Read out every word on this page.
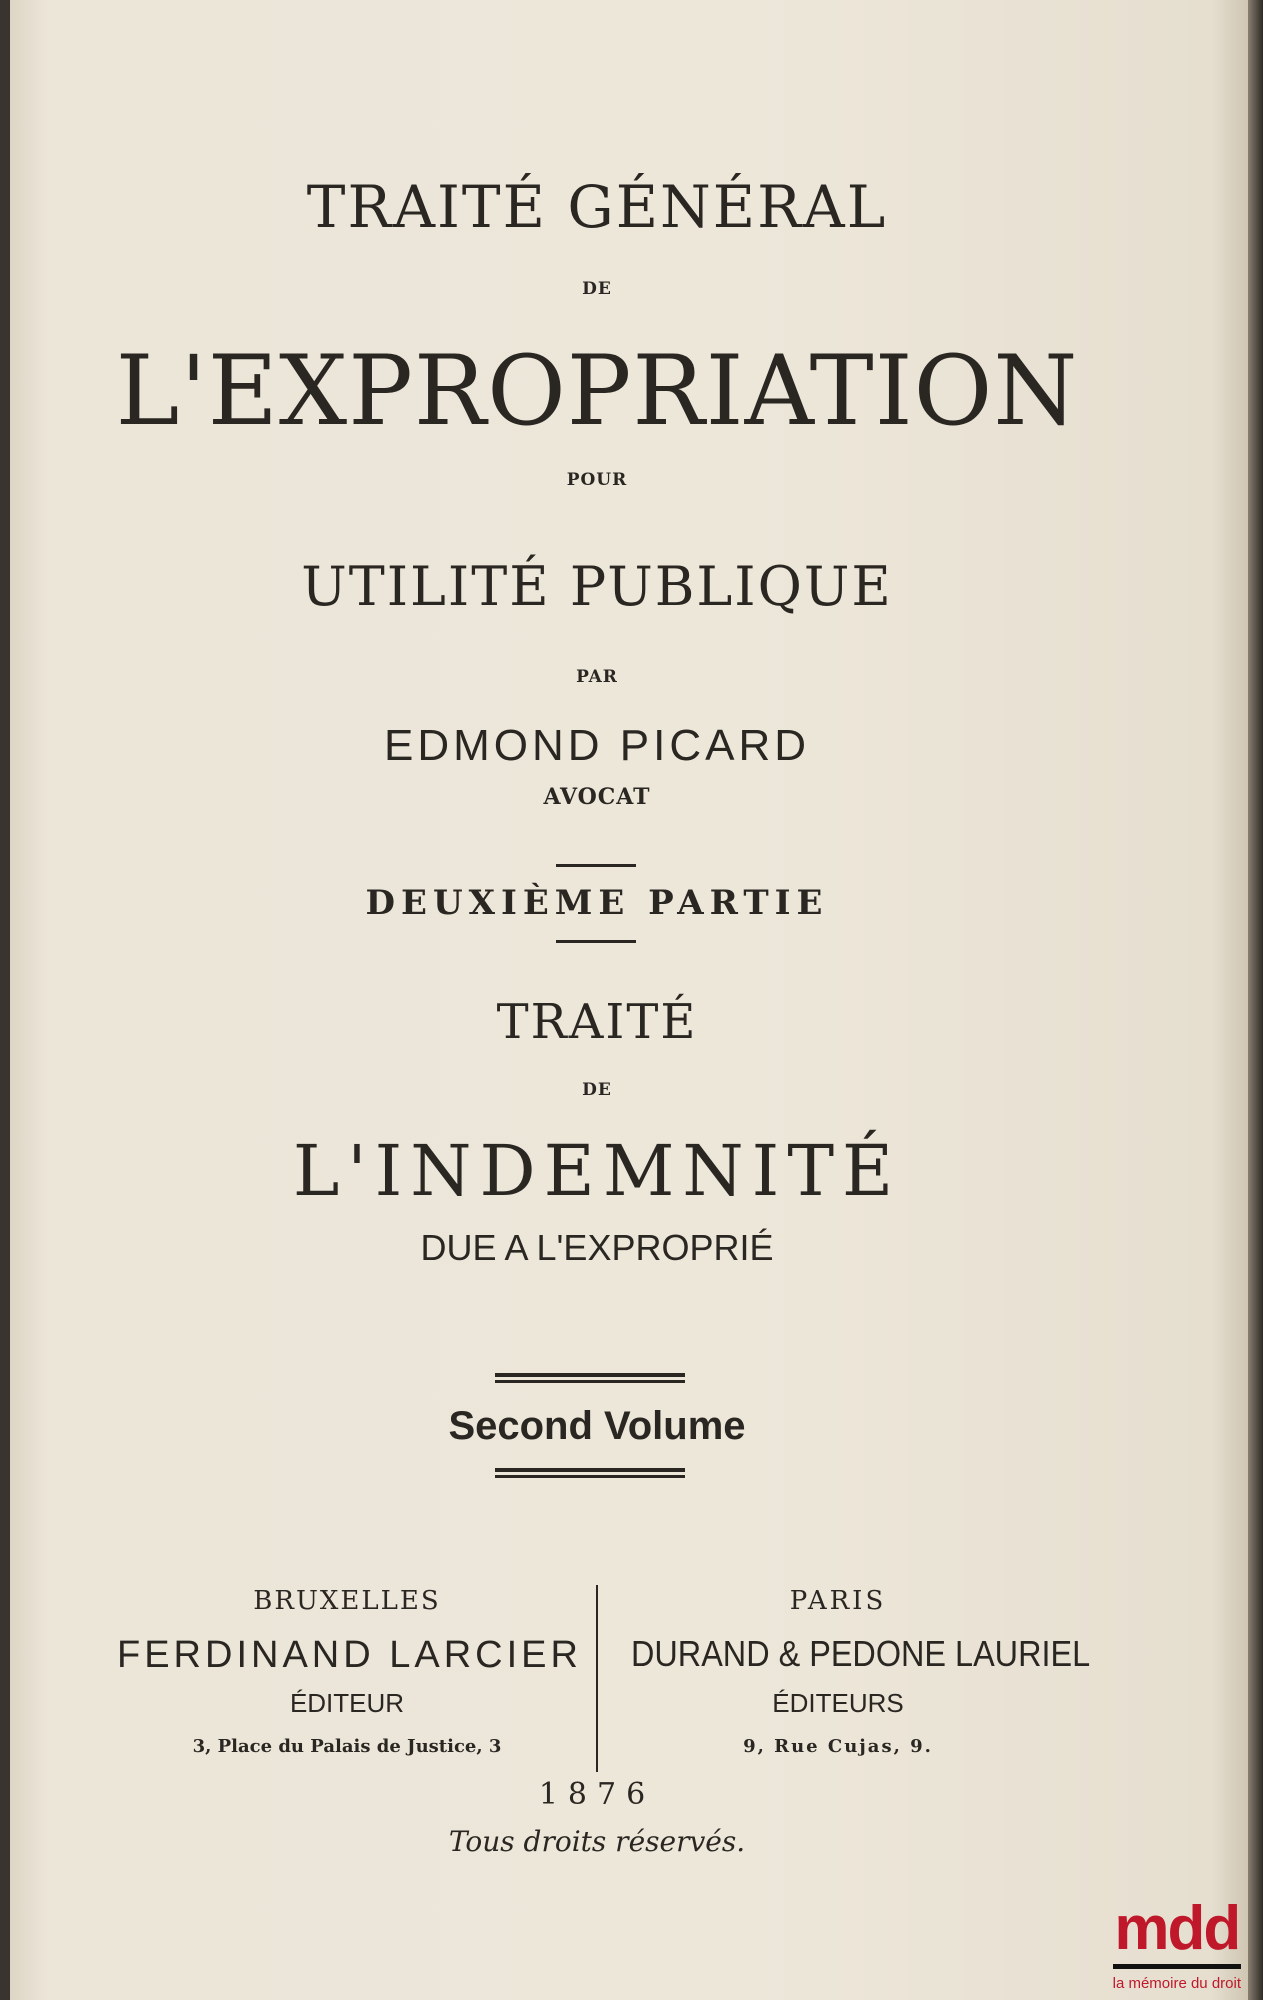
TRAITÉ GÉNÉRAL
DE
L'EXPROPRIATION
POUR
UTILITÉ PUBLIQUE
PAR
EDMOND PICARD
AVOCAT
DEUXIÈME PARTIE
TRAITÉ
DE
L'INDEMNITÉ
DUE A L'EXPROPRIÉ
Second Volume
BRUXELLES
FERDINAND LARCIER
ÉDITEUR
3, Place du Palais de Justice, 3
PARIS
DURAND & PEDONE LAURIEL
ÉDITEURS
9, Rue Cujas, 9.
1876
Tous droits réservés.
mdd
la mémoire du droit
